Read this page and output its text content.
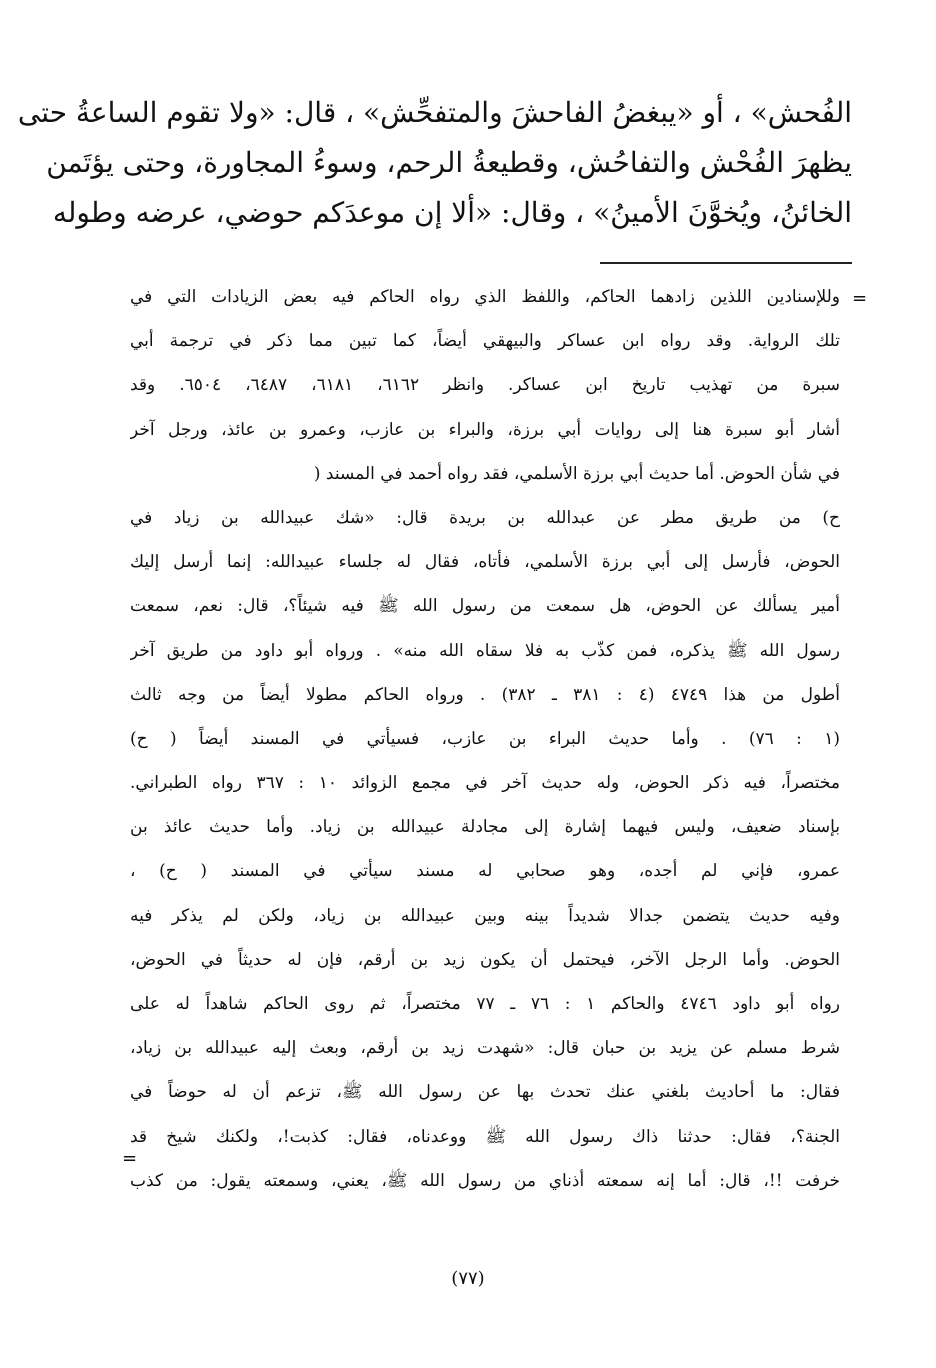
الفُحش» ، أو «يبغضُ الفاحشَ والمتفحِّش» ، قال: «ولا تقوم الساعةُ حتى
يظهرَ الفُحْش والتفاحُش، وقطيعةُ الرحم، وسوءُ المجاورة، وحتى يؤتَمن
الخائنُ، ويُخوَّنَ الأمينُ» ، وقال: «ألا إن موعدَكم حوضي، عرضه وطوله
=
وللإسنادين اللذين زادهما الحاكم، واللفظ الذي رواه الحاكم فيه بعض الزيادات التي في
تلك الرواية. وقد رواه ابن عساكر والبيهقي أيضاً، كما تبين مما ذكر في ترجمة أبي
سبرة من تهذيب تاريخ ابن عساكر. وانظر ٦١٦٢، ٦١٨١، ٦٤٨٧، ٦٥٠٤. وقد
أشار أبو سبرة هنا إلى روايات أبي برزة، والبراء بن عازب، وعمرو بن عائذ، ورجل آخر
في شأن الحوض. أما حديث أبي برزة الأسلمي، فقد رواه أحمد في المسند (
ح) من طريق مطر عن عبدالله بن بريدة قال: «شك عبيدالله بن زياد في
الحوض، فأرسل إلى أبي برزة الأسلمي، فأتاه، فقال له جلساء عبيدالله: إنما أرسل إليك
أمير يسألك عن الحوض، هل سمعت من رسول الله ﷺ فيه شيئاً؟، قال: نعم، سمعت
رسول الله ﷺ يذكره، فمن كذّب به فلا سقاه الله منه» . ورواه أبو داود من طريق آخر
أطول من هذا ٤٧٤٩ (٤ : ٣٨١ ـ ٣٨٢) . ورواه الحاكم مطولا أيضاً من وجه ثالث
(١ : ٧٦) . وأما حديث البراء بن عازب، فسيأتي في المسند أيضاً ( ح)
مختصراً، فيه ذكر الحوض، وله حديث آخر في مجمع الزوائد ١٠ : ٣٦٧ رواه الطبراني.
بإسناد ضعيف، وليس فيهما إشارة إلى مجادلة عبيدالله بن زياد. وأما حديث عائذ بن
عمرو، فإني لم أجده، وهو صحابي له مسند سيأتي في المسند ( ح) ،
وفيه حديث يتضمن جدالا شديداً بينه وبين عبيدالله بن زياد، ولكن لم يذكر فيه
الحوض. وأما الرجل الآخر، فيحتمل أن يكون زيد بن أرقم، فإن له حديثاً في الحوض،
رواه أبو داود ٤٧٤٦ والحاكم ١ : ٧٦ ـ ٧٧ مختصراً، ثم روى الحاكم شاهداً له على
شرط مسلم عن يزيد بن حبان قال: «شهدت زيد بن أرقم، وبعث إليه عبيدالله بن زياد،
فقال: ما أحاديث بلغني عنك تحدث بها عن رسول الله ﷺ، تزعم أن له حوضاً في
الجنة؟، فقال: حدثنا ذاك رسول الله ﷺ ووعدناه، فقال: كذبت!، ولكنك شيخ قد
خرفت !!، قال: أما إنه سمعته أذناي من رسول الله ﷺ، يعني، وسمعته يقول: من كذب
=
(٧٧)
